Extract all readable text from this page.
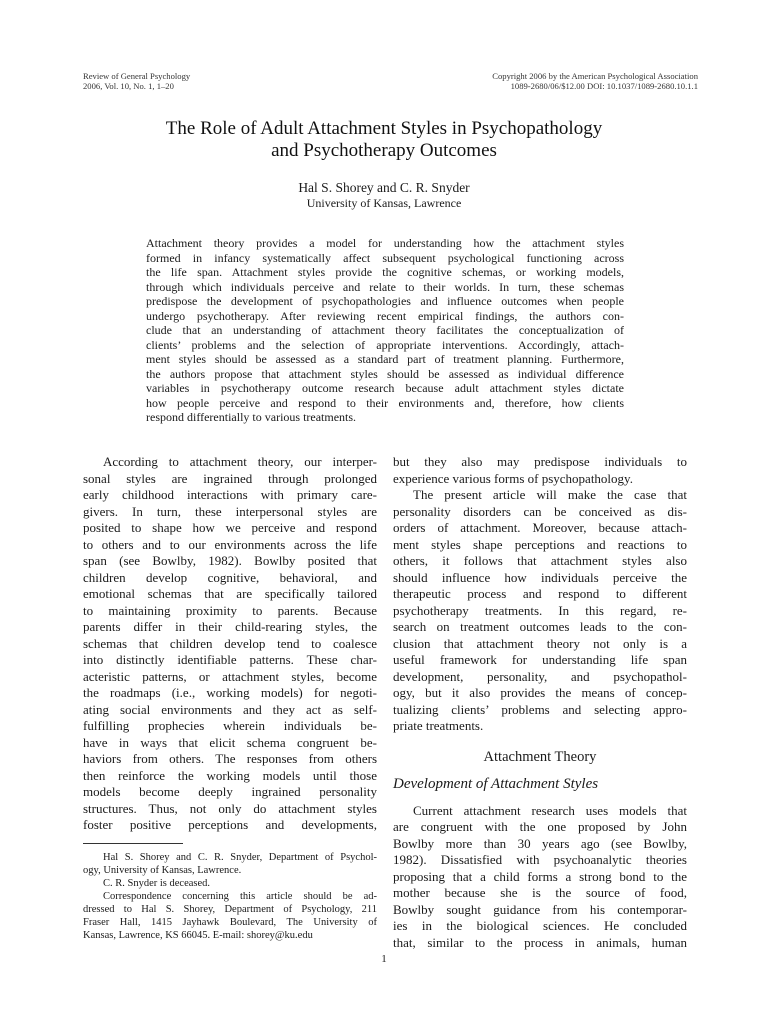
Review of General Psychology
2006, Vol. 10, No. 1, 1–20
Copyright 2006 by the American Psychological Association
1089-2680/06/$12.00 DOI: 10.1037/1089-2680.10.1.1
The Role of Adult Attachment Styles in Psychopathology
and Psychotherapy Outcomes
Hal S. Shorey and C. R. Snyder
University of Kansas, Lawrence
Attachment theory provides a model for understanding how the attachment styles
formed in infancy systematically affect subsequent psychological functioning across
the life span. Attachment styles provide the cognitive schemas, or working models,
through which individuals perceive and relate to their worlds. In turn, these schemas
predispose the development of psychopathologies and influence outcomes when people
undergo psychotherapy. After reviewing recent empirical findings, the authors con-
clude that an understanding of attachment theory facilitates the conceptualization of
clients’ problems and the selection of appropriate interventions. Accordingly, attach-
ment styles should be assessed as a standard part of treatment planning. Furthermore,
the authors propose that attachment styles should be assessed as individual difference
variables in psychotherapy outcome research because adult attachment styles dictate
how people perceive and respond to their environments and, therefore, how clients
respond differentially to various treatments.
According to attachment theory, our interper-
sonal styles are ingrained through prolonged
early childhood interactions with primary care-
givers. In turn, these interpersonal styles are
posited to shape how we perceive and respond
to others and to our environments across the life
span (see Bowlby, 1982). Bowlby posited that
children develop cognitive, behavioral, and
emotional schemas that are specifically tailored
to maintaining proximity to parents. Because
parents differ in their child-rearing styles, the
schemas that children develop tend to coalesce
into distinctly identifiable patterns. These char-
acteristic patterns, or attachment styles, become
the roadmaps (i.e., working models) for negoti-
ating social environments and they act as self-
fulfilling prophecies wherein individuals be-
have in ways that elicit schema congruent be-
haviors from others. The responses from others
then reinforce the working models until those
models become deeply ingrained personality
structures. Thus, not only do attachment styles
foster positive perceptions and developments,
but they also may predispose individuals to
experience various forms of psychopathology.
The present article will make the case that
personality disorders can be conceived as dis-
orders of attachment. Moreover, because attach-
ment styles shape perceptions and reactions to
others, it follows that attachment styles also
should influence how individuals perceive the
therapeutic process and respond to different
psychotherapy treatments. In this regard, re-
search on treatment outcomes leads to the con-
clusion that attachment theory not only is a
useful framework for understanding life span
development, personality, and psychopathol-
ogy, but it also provides the means of concep-
tualizing clients’ problems and selecting appro-
priate treatments.
Attachment Theory
Development of Attachment Styles
Current attachment research uses models that
are congruent with the one proposed by John
Bowlby more than 30 years ago (see Bowlby,
1982). Dissatisfied with psychoanalytic theories
proposing that a child forms a strong bond to the
mother because she is the source of food,
Bowlby sought guidance from his contemporar-
ies in the biological sciences. He concluded
that, similar to the process in animals, human
Hal S. Shorey and C. R. Snyder, Department of Psychol-
ogy, University of Kansas, Lawrence.
C. R. Snyder is deceased.
Correspondence concerning this article should be ad-
dressed to Hal S. Shorey, Department of Psychology, 211
Fraser Hall, 1415 Jayhawk Boulevard, The University of
Kansas, Lawrence, KS 66045. E-mail: shorey@ku.edu
1
